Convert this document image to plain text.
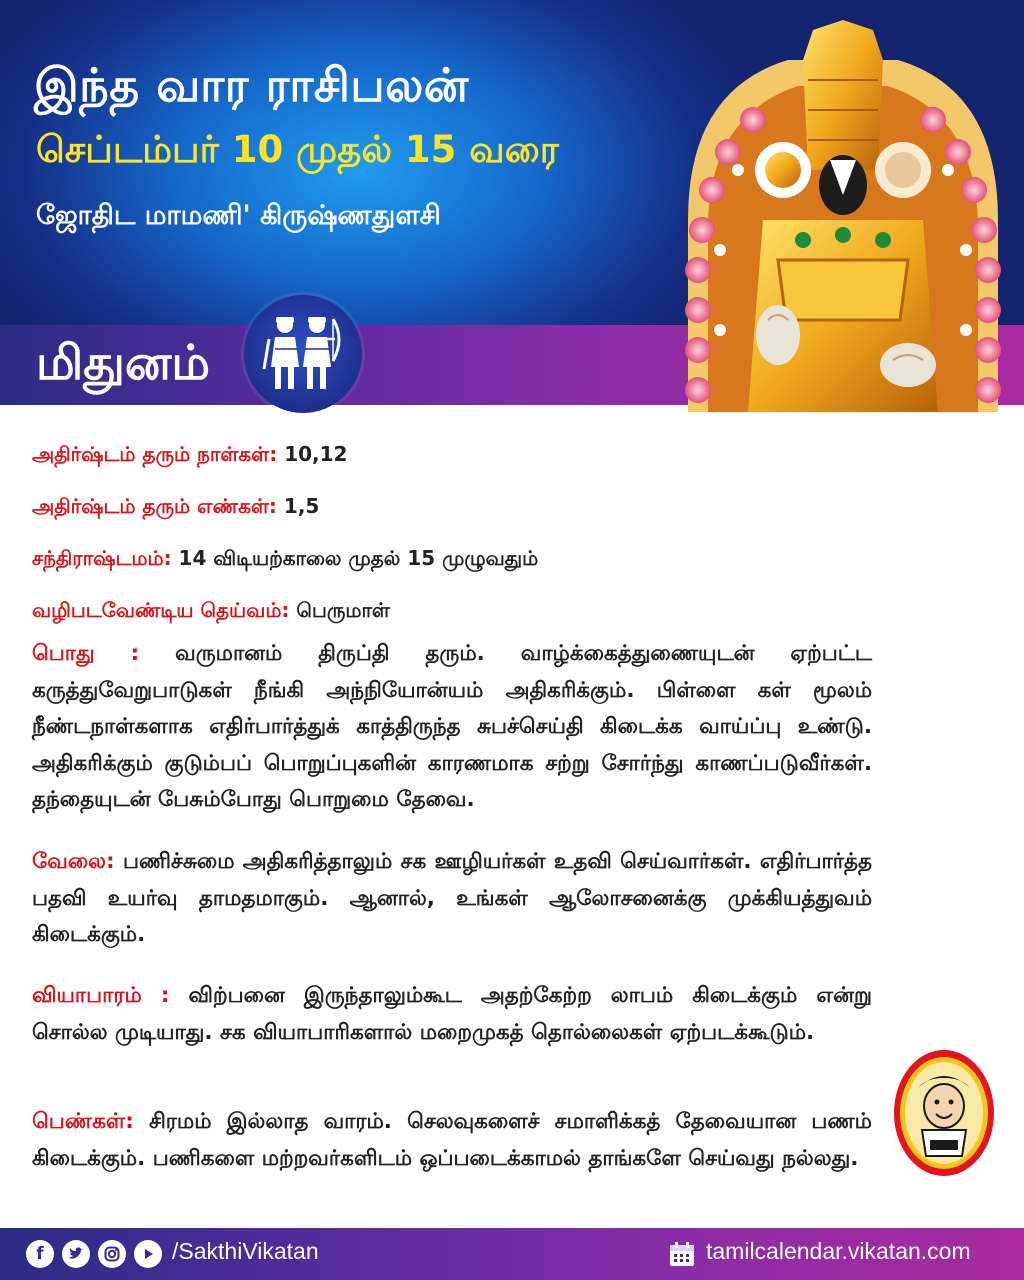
இந்த வார ராசிபலன்
செப்டம்பர் 10 முதல் 15 வரை
ஜோதிட மாமணி' கிருஷ்ணதுளசி
மிதுனம்
அதிர்ஷ்டம் தரும் நாள்கள்: 10,12
அதிர்ஷ்டம் தரும் எண்கள்: 1,5
சந்திராஷ்டமம்: 14 விடியற்காலை முதல் 15 முழுவதும்
வழிபடவேண்டிய தெய்வம்: பெருமாள்
பொது : வருமானம் திருப்தி தரும். வாழ்க்கைத்துணையுடன் ஏற்பட்ட கருத்துவேறுபாடுகள் நீங்கி அந்நியோன்யம் அதிகரிக்கும். பிள்ளை கள் மூலம் நீண்டநாள்களாக எதிர்பார்த்துக் காத்திருந்த சுபச்செய்தி கிடைக்க வாய்ப்பு உண்டு. அதிகரிக்கும் குடும்பப் பொறுப்புகளின் காரணமாக சற்று சோர்ந்து காணப்படுவீர்கள். தந்தையுடன் பேசும்போது பொறுமை தேவை.
வேலை: பணிச்சுமை அதிகரித்தாலும் சக ஊழியர்கள் உதவி செய்வார்கள். எதிர்பார்த்த பதவி உயர்வு தாமதமாகும். ஆனால், உங்கள் ஆலோசனைக்கு முக்கியத்துவம் கிடைக்கும்.
வியாபாரம் : விற்பனை இருந்தாலும்கூட அதற்கேற்ற லாபம் கிடைக்கும் என்று சொல்ல முடியாது. சக வியாபாரிகளால் மறைமுகத் தொல்லைகள் ஏற்படக்கூடும்.
பெண்கள்: சிரமம் இல்லாத வாரம். செலவுகளைச் சமாளிக்கத் தேவையான பணம் கிடைக்கும். பணிகளை மற்றவர்களிடம் ஒப்படைக்காமல் தாங்களே செய்வது நல்லது.
f	/SakthiVikatan	tamilcalendar.vikatan.com
